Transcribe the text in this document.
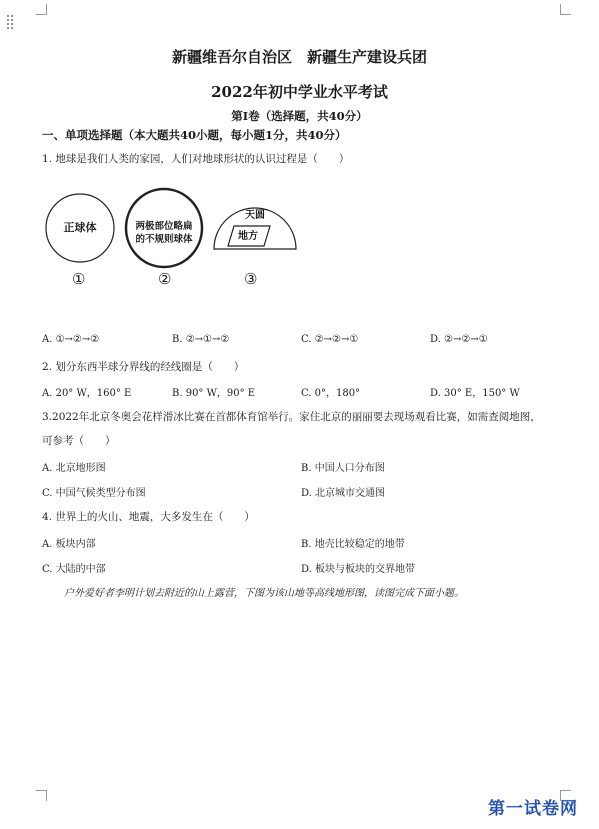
新疆维吾尔自治区　新疆生产建设兵团
2022年初中学业水平考试
第Ⅰ卷（选择题，共40分）
一、单项选择题（本大题共40小题，每小题1分，共40分）
1. 地球是我们人类的家园，人们对地球形状的认识过程是（　　）
正球体
①
两极部位略扁
的不规则球体
②
天圆
地方
③
A. ①→②→②	B. ②→①→②	C. ②→②→①	D. ②→②→①
2. 划分东西半球分界线的经线圈是（　　）
A. 20° W，160° E	B. 90° W，90° E	C. 0°，180°	D. 30° E，150° W
3.2022年北京冬奥会花样滑冰比赛在首都体育馆举行。家住北京的丽丽要去现场观看比赛，如需查阅地图，
可参考（　　）
A. 北京地形图	B. 中国人口分布图
C. 中国气候类型分布图	D. 北京城市交通图
4. 世界上的火山、地震，大多发生在（　　）
A. 板块内部	B. 地壳比较稳定的地带
C. 大陆的中部	D. 板块与板块的交界地带
户外爱好者李明计划去附近的山上露营，下图为该山地等高线地形图，读图完成下面小题。
第一试卷网
